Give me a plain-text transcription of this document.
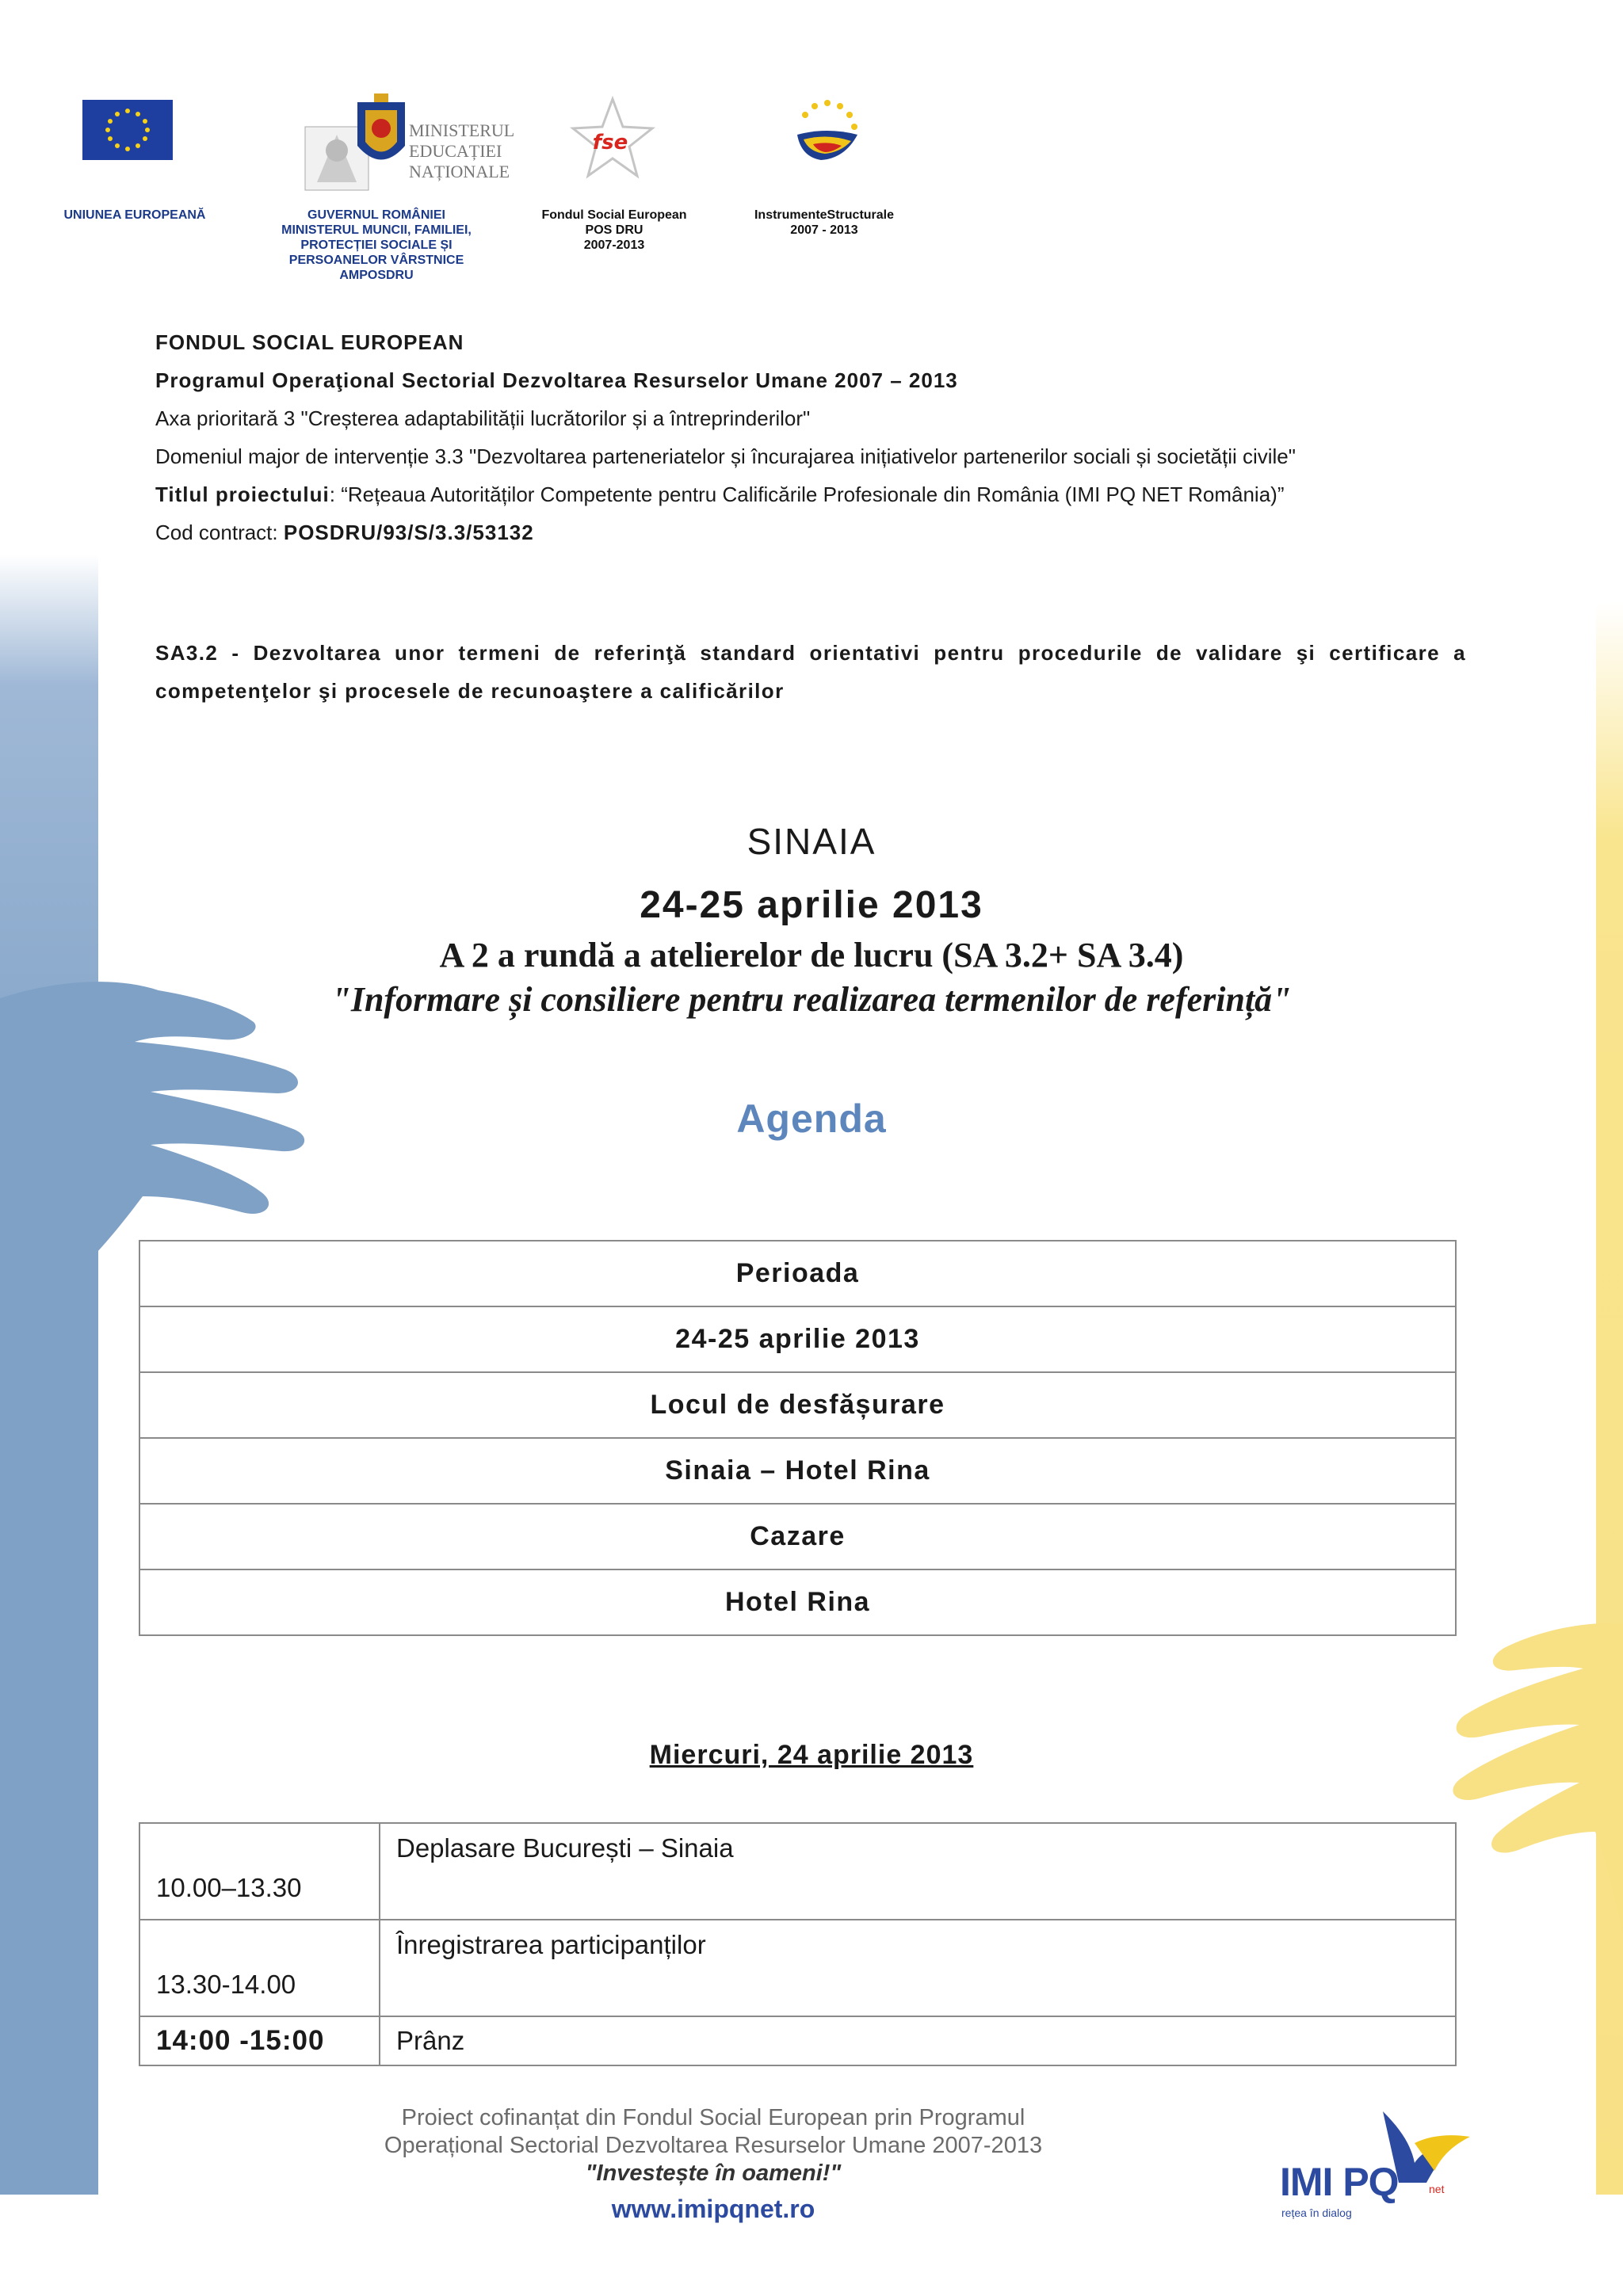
UNIUNEA EUROPEANĂ
MINISTERUL EDUCAȚIEI NAȚIONALE
GUVERNUL ROMÂNIEI
MINISTERUL MUNCII, FAMILIEI,
PROTECȚIEI SOCIALE ȘI
PERSOANELOR VÂRSTNICE
AMPOSDRU
fse
Fondul Social European
POS DRU
2007-2013
InstrumenteStructurale
2007 - 2013
FONDUL SOCIAL EUROPEAN
Programul Operaţional Sectorial Dezvoltarea Resurselor Umane 2007 – 2013
Axa prioritară 3 "Creșterea adaptabilității lucrătorilor și a întreprinderilor"
Domeniul major de intervenție 3.3 "Dezvoltarea parteneriatelor și încurajarea inițiativelor partenerilor sociali și societății civile"
Titlul proiectului: “Rețeaua Autorităților Competente pentru Calificările Profesionale din România (IMI PQ NET România)”
Cod contract: POSDRU/93/S/3.3/53132
SA3.2 - Dezvoltarea unor termeni de referinţă standard orientativi pentru procedurile de validare şi certificare a competenţelor şi procesele de recunoaştere a calificărilor
SINAIA
24-25 aprilie 2013
A 2 a rundă a atelierelor de lucru (SA 3.2+ SA 3.4)
"Informare și consiliere pentru realizarea termenilor de referință"
Agenda
Perioada
24-25 aprilie 2013
Locul de desfășurare
Sinaia – Hotel Rina
Cazare
Hotel Rina
Miercuri, 24 aprilie 2013
10.00–13.30
Deplasare București – Sinaia
13.30-14.00
Înregistrarea participanților
14:00 -15:00	Prânz
Proiect cofinanțat din Fondul Social European prin Programul
Operațional Sectorial Dezvoltarea Resurselor Umane 2007-2013
"Investește în oameni!"
www.imipqnet.ro
IMI PQ	net
rețea în dialog
